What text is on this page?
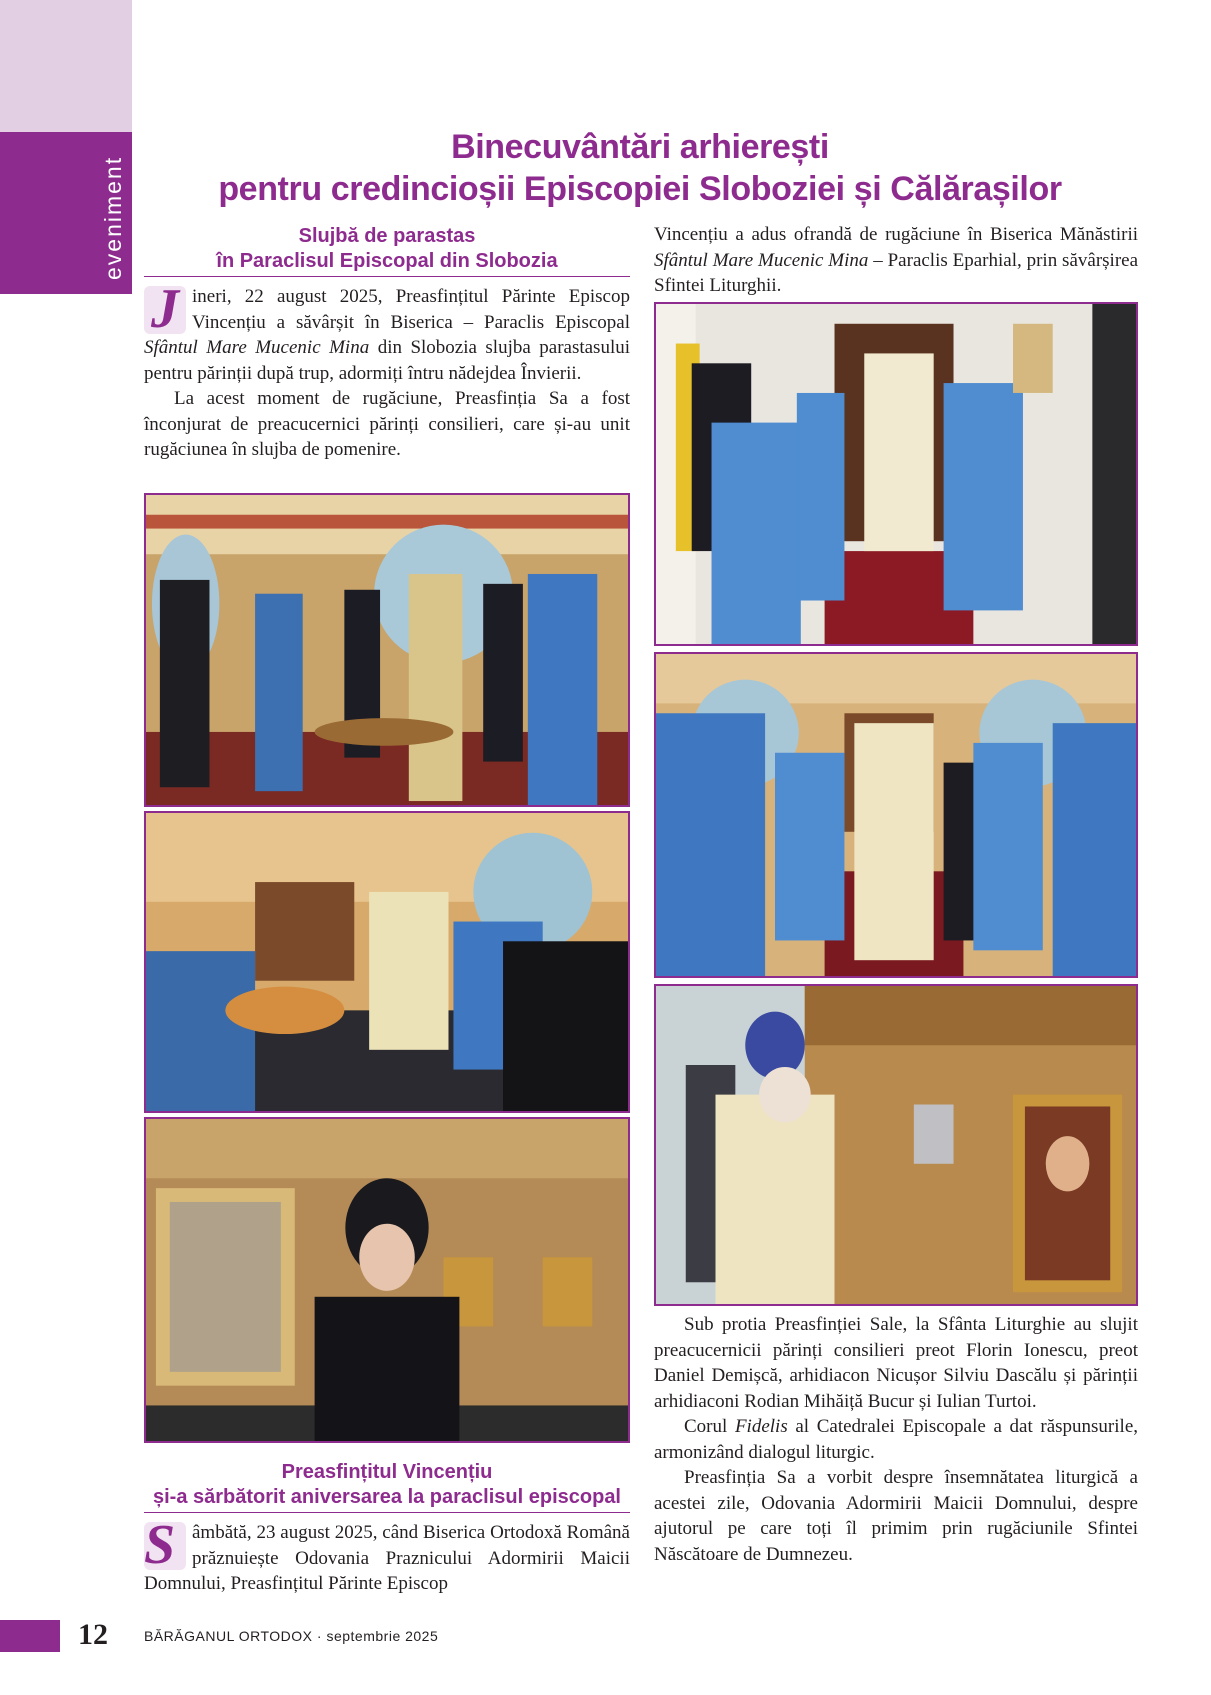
eveniment
Binecuvântări arhierești
pentru credincioșii Episcopiei Sloboziei și Călărașilor
Slujbă de parastas
în Paraclisul Episcopal din Slobozia

J ineri, 22 august 2025, Preasfințitul Părinte Episcop Vincențiu a săvârșit în Biserica – Paraclis Episcopal Sfântul Mare Mucenic Mina din Slobozia slujba parastasului pentru părinții după trup, adormiți întru nădejdea Învierii.

La acest moment de rugăciune, Preasfinția Sa a fost înconjurat de preacucernici părinți consilieri, care și-au unit rugăciunea în slujba de pomenire.

Preasfințitul Vincențiu
și-a sărbătorit aniversarea la paraclisul episcopal

S âmbătă, 23 august 2025, când Biserica Ortodoxă Română prăznuiește Odovania Praznicului Adormirii Maicii Domnului, Preasfințitul Părinte Episcop

Vincențiu a adus ofrandă de rugăciune în Biserica Mănăstirii Sfântul Mare Mucenic Mina – Paraclis Eparhial, prin săvârșirea Sfintei Liturghii.

Sub protia Preasfinției Sale, la Sfânta Liturghie au slujit preacucernicii părinți consilieri preot Florin Ionescu, preot Daniel Demișcă, arhidiacon Nicușor Silviu Dascălu și părinții arhidiaconi Rodian Mihăiță Bucur și Iulian Turtoi.

Corul Fidelis al Catedralei Episcopale a dat răspunsurile, armonizând dialogul liturgic.

Preasfinția Sa a vorbit despre însemnătatea liturgică a acestei zile, Odovania Adormirii Maicii Domnului, despre ajutorul pe care toți îl primim prin rugăciunile Sfintei Născătoare de Dumnezeu.

12	BĂRĂGANUL ORTODOX · septembrie 2025
